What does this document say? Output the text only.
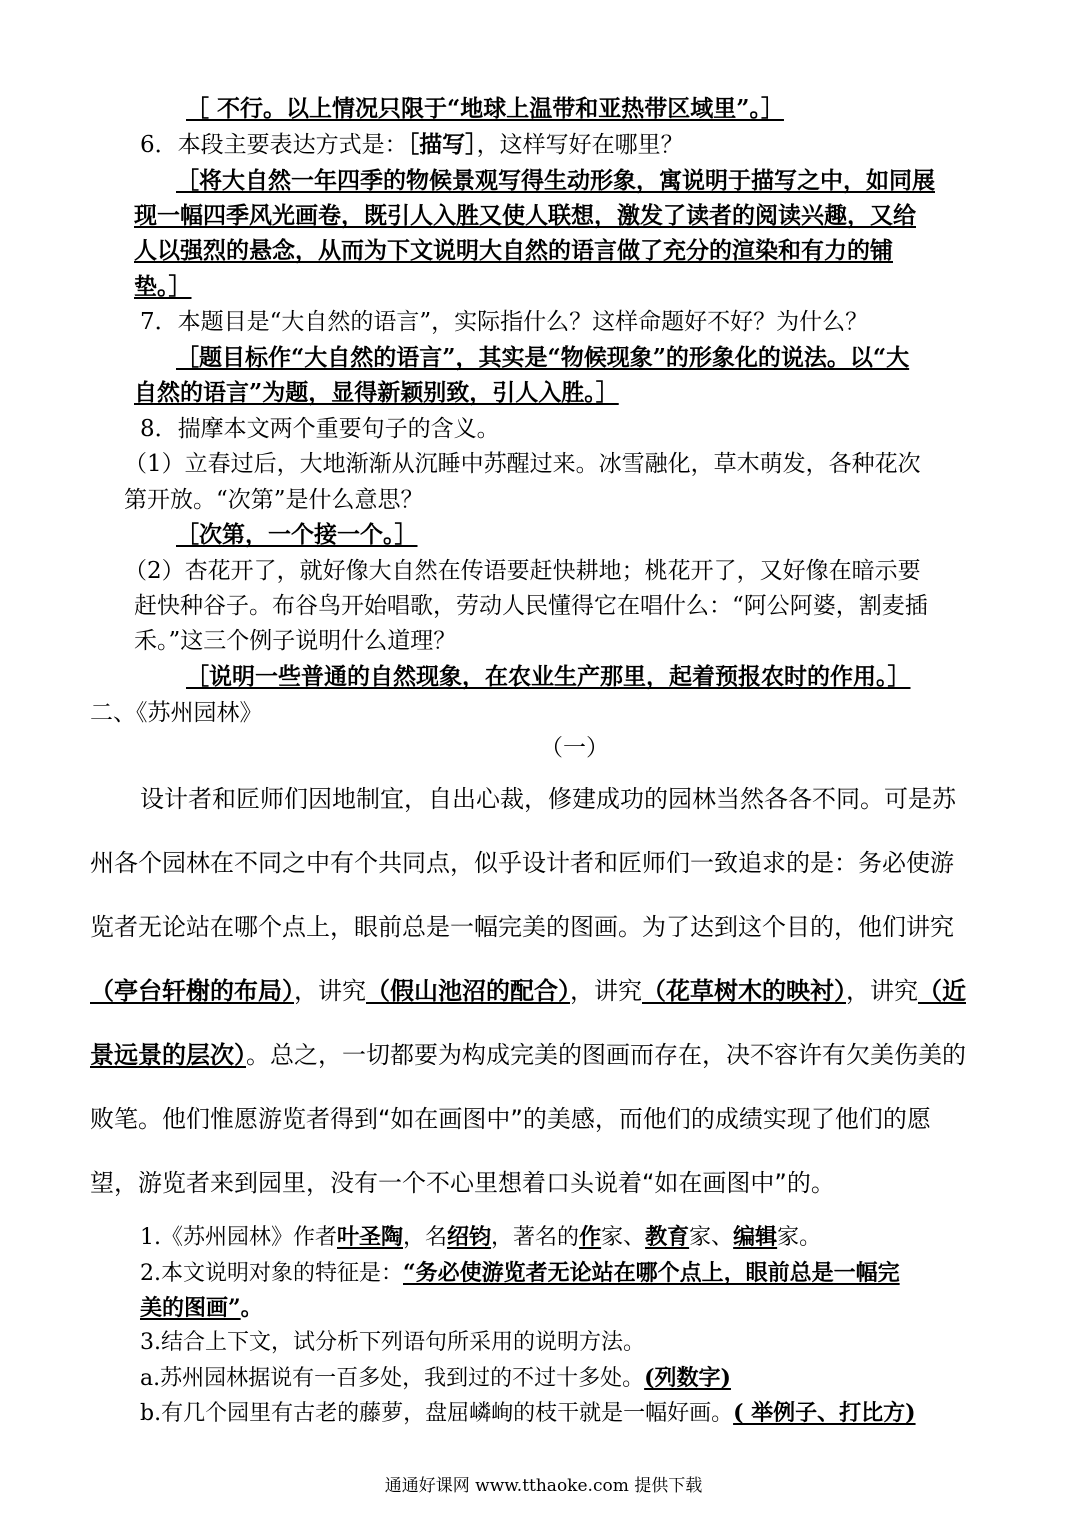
［ 不行。以上情况只限于“地球上温带和亚热带区域里”。］
6．本段主要表达方式是：［描写］，这样写好在哪里？
［将大自然一年四季的物候景观写得生动形象，寓说明于描写之中，如同展
现一幅四季风光画卷，既引人入胜又使人联想，激发了读者的阅读兴趣，又给
人以强烈的悬念，从而为下文说明大自然的语言做了充分的渲染和有力的铺
垫。］
7．本题目是“大自然的语言”，实际指什么？这样命题好不好？为什么？
［题目标作“大自然的语言”，其实是“物候现象”的形象化的说法。以“大
自然的语言”为题，显得新颖别致，引人入胜。］
8．揣摩本文两个重要句子的含义。
（1）立春过后，大地渐渐从沉睡中苏醒过来。冰雪融化，草木萌发，各种花次
第开放。“次第”是什么意思？
［次第，一个接一个。］
（2）杏花开了，就好像大自然在传语要赶快耕地；桃花开了，又好像在暗示要
赶快种谷子。布谷鸟开始唱歌，劳动人民懂得它在唱什么：“阿公阿婆，割麦插
禾。”这三个例子说明什么道理？
［说明一些普通的自然现象，在农业生产那里，起着预报农时的作用。］
二、《苏州园林》
（一）
设计者和匠师们因地制宜，自出心裁，修建成功的园林当然各各不同。可是苏
州各个园林在不同之中有个共同点，似乎设计者和匠师们一致追求的是：务必使游
览者无论站在哪个点上，眼前总是一幅完美的图画。为了达到这个目的，他们讲究
（亭台轩榭的布局），讲究（假山池沼的配合），讲究（花草树木的映衬），讲究（近
景远景的层次）。总之，一切都要为构成完美的图画而存在，决不容许有欠美伤美的
败笔。他们惟愿游览者得到“如在画图中”的美感，而他们的成绩实现了他们的愿
望，游览者来到园里，没有一个不心里想着口头说着“如在画图中”的。
1.《苏州园林》作者叶圣陶，名绍钧，著名的作家、教育家、编辑家。
2.本文说明对象的特征是：“务必使游览者无论站在哪个点上，眼前总是一幅完
美的图画”。
3.结合上下文，试分析下列语句所采用的说明方法。
a.苏州园林据说有一百多处，我到过的不过十多处。(列数字)
b.有几个园里有古老的藤萝，盘屈嶙峋的枝干就是一幅好画。( 举例子、打比方)
通通好课网 www.tthaoke.com 提供下载
